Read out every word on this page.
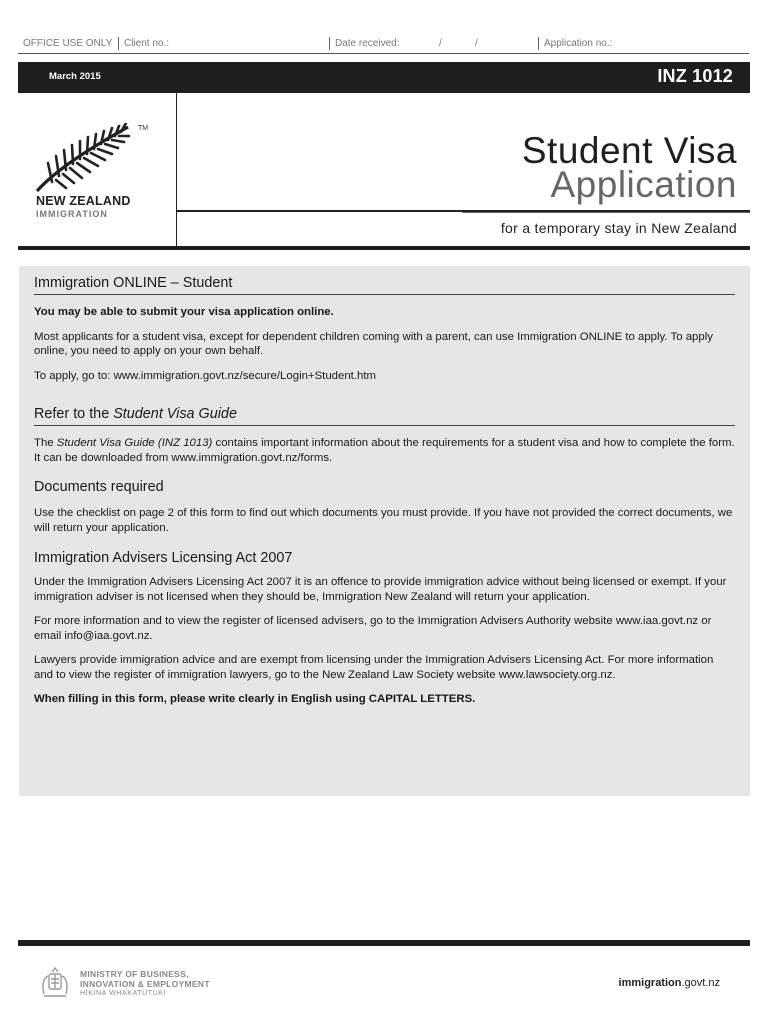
OFFICE USE ONLY	Client no.:	Date received:	/	/	Application no.:
March 2015	INZ 1012
TM
NEW ZEALAND
IMMIGRATION
Student Visa
Application
for a temporary stay in New Zealand
Immigration ONLINE – Student

You may be able to submit your visa application online.

Most applicants for a student visa, except for dependent children coming with a parent, can use Immigration ONLINE to apply. To apply online, you need to apply on your own behalf.

To apply, go to: www.immigration.govt.nz/secure/Login+Student.htm

Refer to the Student Visa Guide

The Student Visa Guide (INZ 1013) contains important information about the requirements for a student visa and how to complete the form. It can be downloaded from www.immigration.govt.nz/forms.

Documents required

Use the checklist on page 2 of this form to find out which documents you must provide. If you have not provided the correct documents, we will return your application.

Immigration Advisers Licensing Act 2007

Under the Immigration Advisers Licensing Act 2007 it is an offence to provide immigration advice without being licensed or exempt. If your immigration adviser is not licensed when they should be, Immigration New Zealand will return your application.

For more information and to view the register of licensed advisers, go to the Immigration Advisers Authority website www.iaa.govt.nz or email info@iaa.govt.nz.

Lawyers provide immigration advice and are exempt from licensing under the Immigration Advisers Licensing Act. For more information and to view the register of immigration lawyers, go to the New Zealand Law Society website www.lawsociety.org.nz.

When filling in this form, please write clearly in English using CAPITAL LETTERS.

MINISTRY OF BUSINESS,
INNOVATION & EMPLOYMENT
HĪKINA WHAKATUTUKI
immigration.govt.nz
